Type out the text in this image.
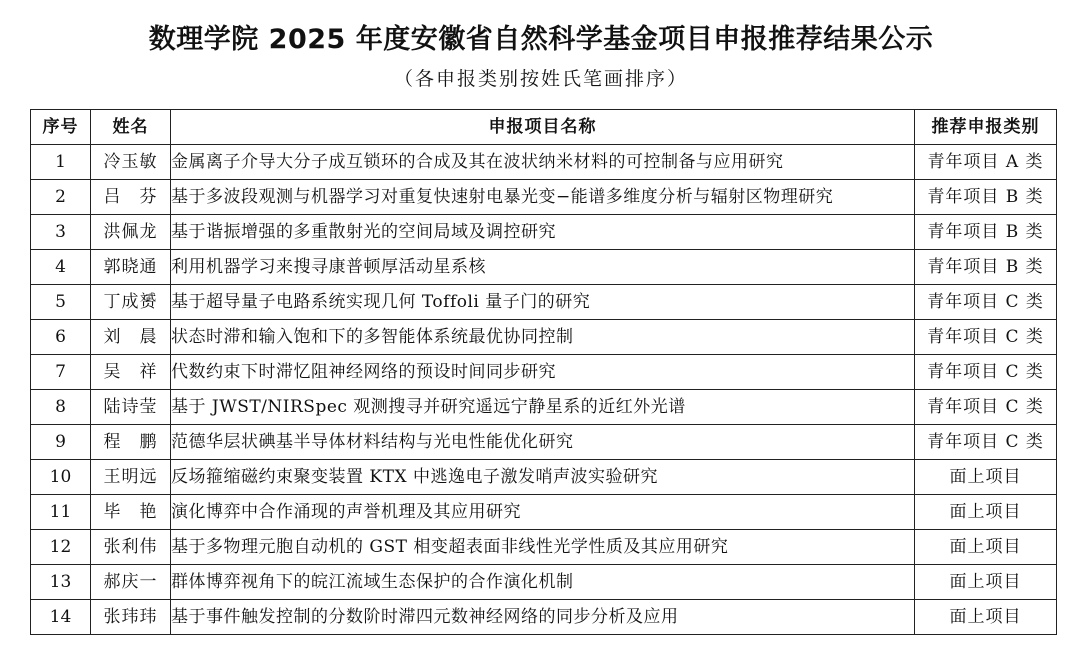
数理学院 2025 年度安徽省自然科学基金项目申报推荐结果公示
（各申报类别按姓氏笔画排序）
序号	姓名	申报项目名称	推荐申报类别
1	冷玉敏	金属离子介导大分子成互锁环的合成及其在波状纳米材料的可控制备与应用研究	青年项目 A 类
2	吕　芬	基于多波段观测与机器学习对重复快速射电暴光变−能谱多维度分析与辐射区物理研究	青年项目 B 类
3	洪佩龙	基于谐振增强的多重散射光的空间局域及调控研究	青年项目 B 类
4	郭晓通	利用机器学习来搜寻康普顿厚活动星系核	青年项目 B 类
5	丁成赟	基于超导量子电路系统实现几何 Toffoli 量子门的研究	青年项目 C 类
6	刘　晨	状态时滞和输入饱和下的多智能体系统最优协同控制	青年项目 C 类
7	吴　祥	代数约束下时滞忆阻神经网络的预设时间同步研究	青年项目 C 类
8	陆诗莹	基于 JWST/NIRSpec 观测搜寻并研究遥远宁静星系的近红外光谱	青年项目 C 类
9	程　鹏	范德华层状碘基半导体材料结构与光电性能优化研究	青年项目 C 类
10	王明远	反场箍缩磁约束聚变装置 KTX 中逃逸电子激发哨声波实验研究	面上项目
11	毕　艳	演化博弈中合作涌现的声誉机理及其应用研究	面上项目
12	张利伟	基于多物理元胞自动机的 GST 相变超表面非线性光学性质及其应用研究	面上项目
13	郝庆一	群体博弈视角下的皖江流域生态保护的合作演化机制	面上项目
14	张玮玮	基于事件触发控制的分数阶时滞四元数神经网络的同步分析及应用	面上项目
